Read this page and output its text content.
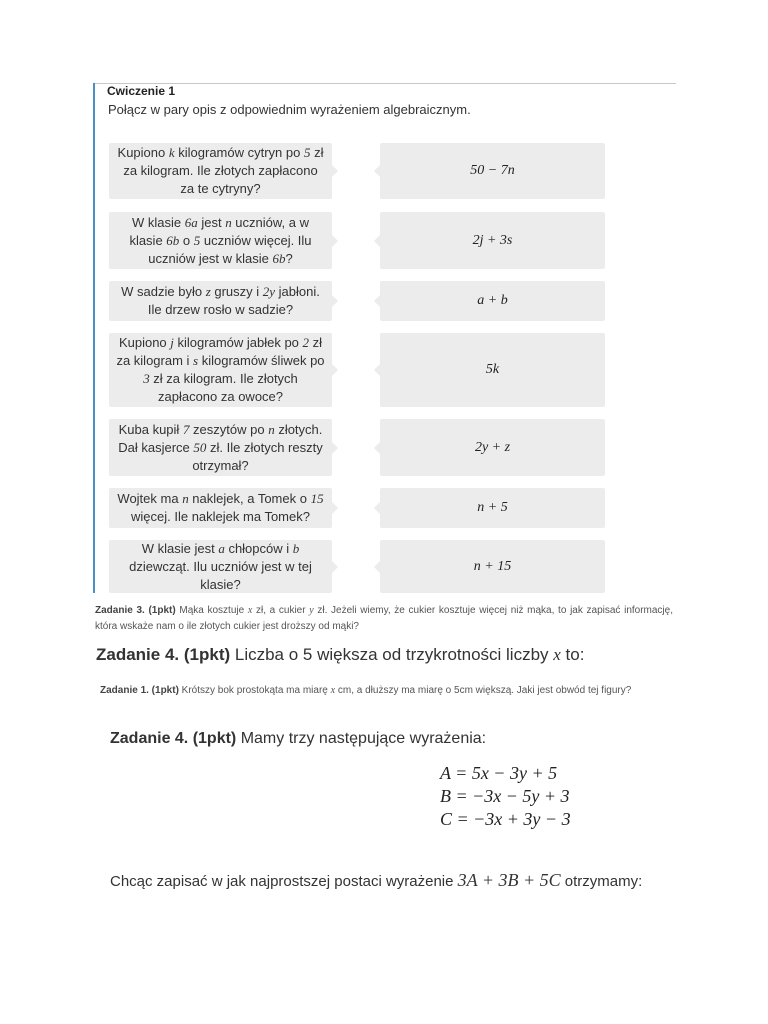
Cwiczenie 1
Połącz w pary opis z odpowiednim wyrażeniem algebraicznym.
Kupiono k kilogramów cytryn po 5 zł za kilogram. Ile złotych zapłacono za te cytryny?
50 − 7n
W klasie 6a jest n uczniów, a w klasie 6b o 5 uczniów więcej. Ilu uczniów jest w klasie 6b?
2j + 3s
W sadzie było z gruszy i 2y jabłoni. Ile drzew rosło w sadzie?
a + b
Kupiono j kilogramów jabłek po 2 zł za kilogram i s kilogramów śliwek po 3 zł za kilogram. Ile złotych zapłacono za owoce?
5k
Kuba kupił 7 zeszytów po n złotych. Dał kasjerce 50 zł. Ile złotych reszty otrzymał?
2y + z
Wojtek ma n naklejek, a Tomek o 15 więcej. Ile naklejek ma Tomek?
n + 5
W klasie jest a chłopców i b dziewcząt. Ilu uczniów jest w tej klasie?
n + 15
Zadanie 3. (1pkt) Mąka kosztuje x zł, a cukier y zł. Jeżeli wiemy, że cukier kosztuje więcej niż mąka, to jak zapisać informację, która wskaże nam o ile złotych cukier jest droższy od mąki?
Zadanie 4. (1pkt) Liczba o 5 większa od trzykrotności liczby x to:
Zadanie 1. (1pkt) Krótszy bok prostokąta ma miarę x cm, a dłuższy ma miarę o 5cm większą. Jaki jest obwód tej figury?
Zadanie 4. (1pkt) Mamy trzy następujące wyrażenia:
A = 5x − 3y + 5
B = −3x − 5y + 3
C = −3x + 3y − 3
Chcąc zapisać w jak najprostszej postaci wyrażenie 3A + 3B + 5C otrzymamy:
